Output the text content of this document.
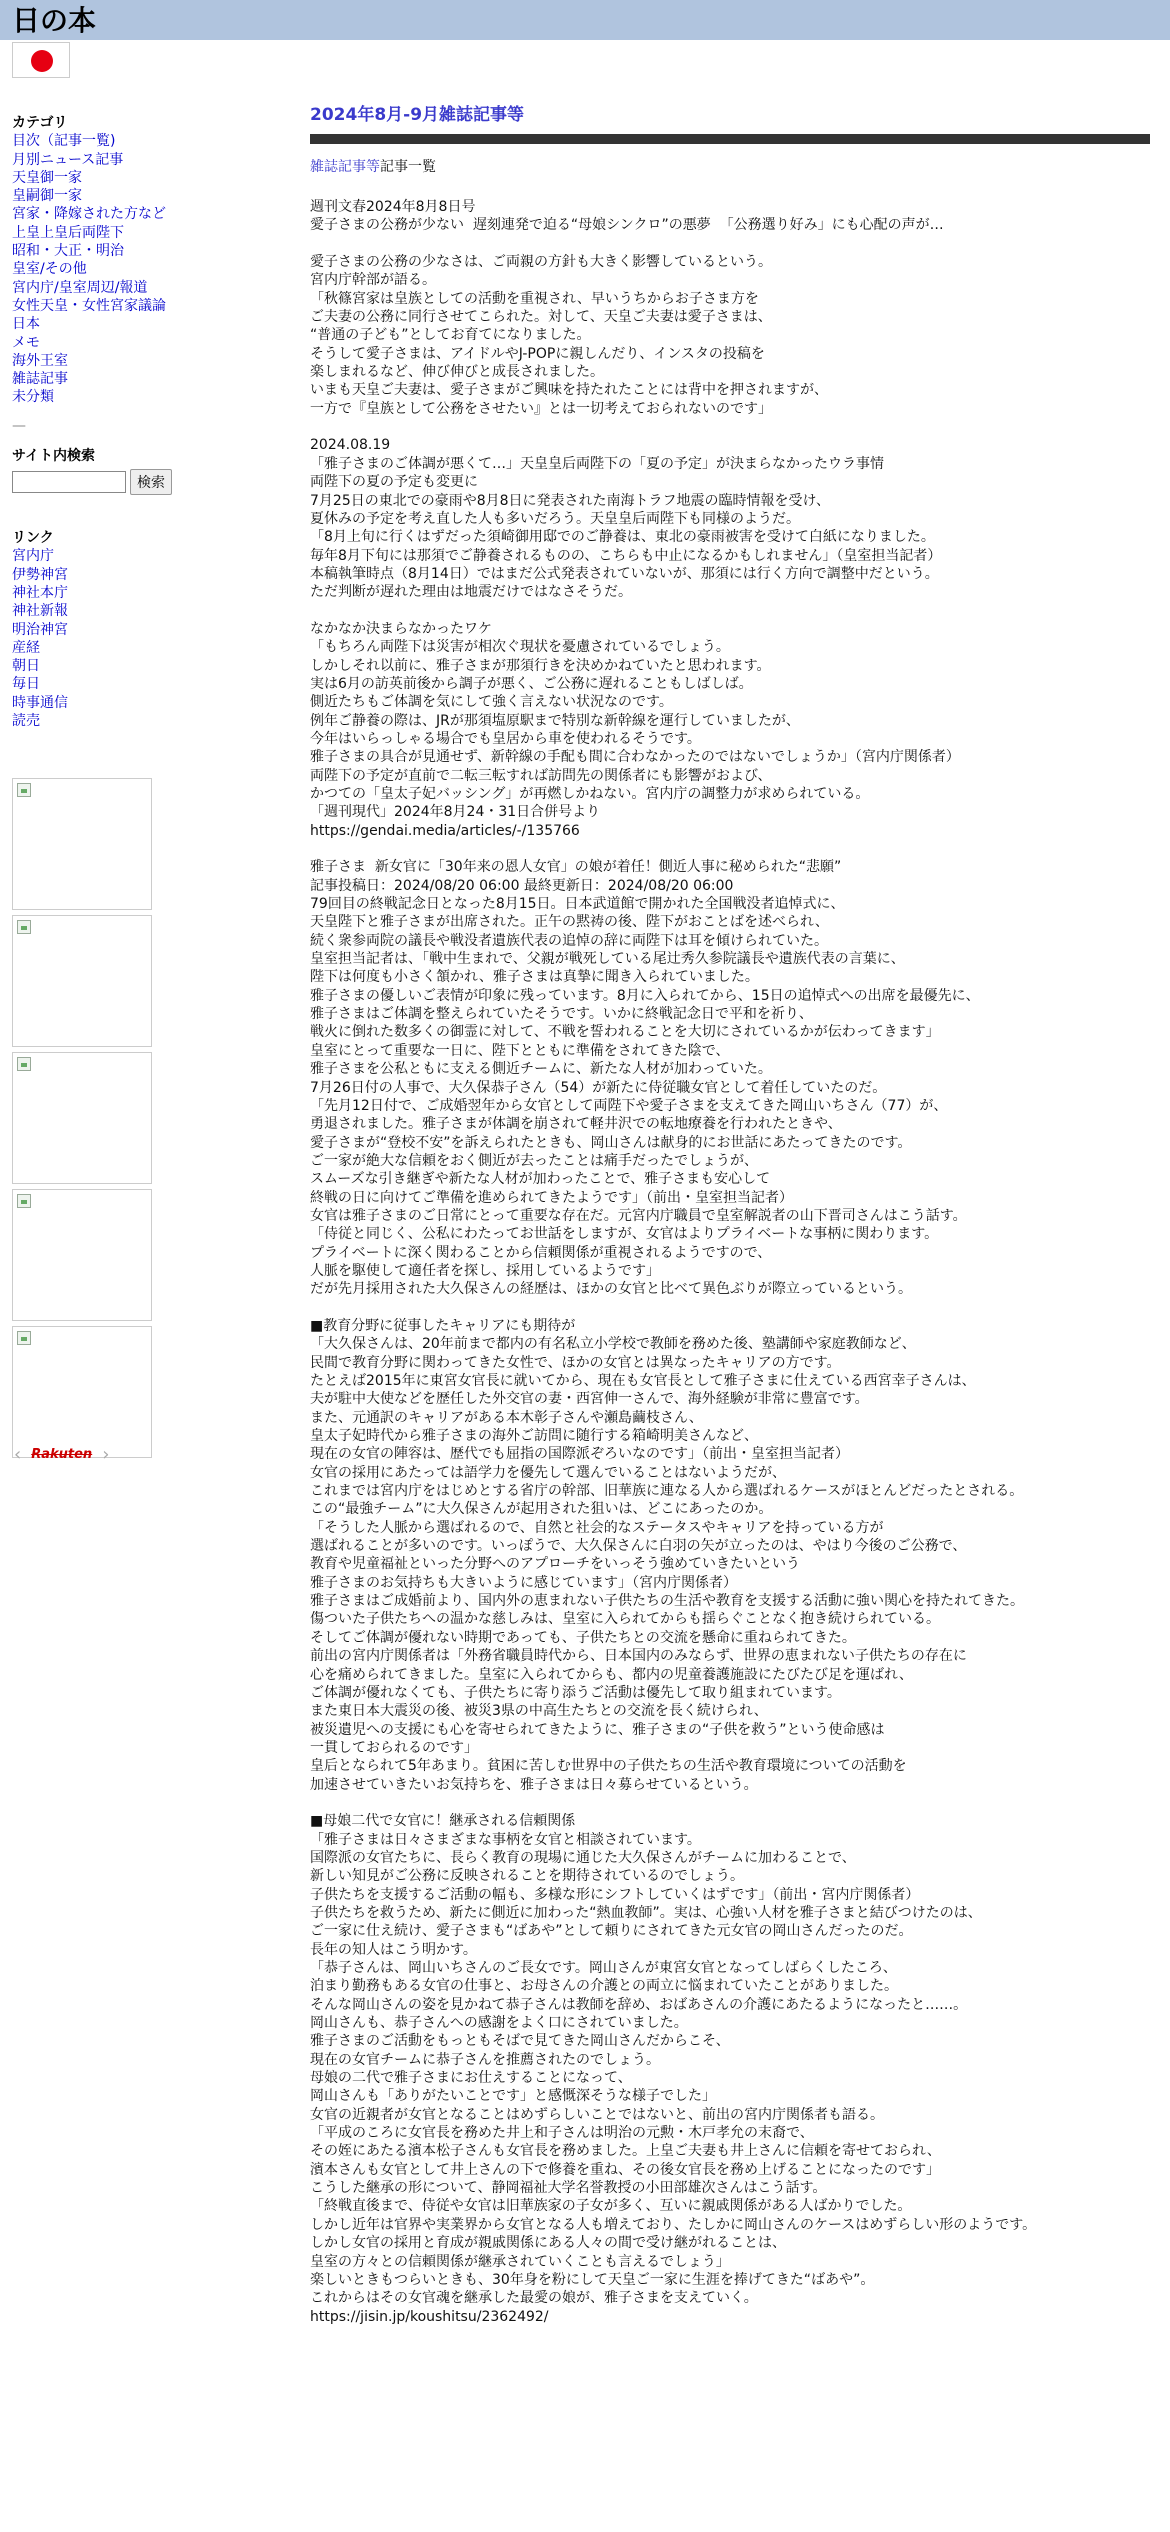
日の本
カテゴリ
目次（記事一覧)
月別ニュース記事
天皇御一家
皇嗣御一家
宮家・降嫁された方など
上皇上皇后両陛下
昭和・大正・明治
皇室/その他
宮内庁/皇室周辺/報道
女性天皇・女性宮家議論
日本
メモ
海外王室
雑誌記事
未分類
—
サイト内検索
検索
リンク
宮内庁
伊勢神宮
神社本庁
神社新報
明治神宮
産経
朝日
毎日
時事通信
読売
‹ Rakuten ›
2024年8月-9月雑誌記事等
雑誌記事等記事一覧

週刊文春2024年8月8日号

愛子さまの公務が少ない  遅刻連発で迫る“母娘シンクロ”の悪夢  「公務選り好み」にも心配の声が…

愛子さまの公務の少なさは、ご両親の方針も大きく影響しているという。

宮内庁幹部が語る。

「秋篠宮家は皇族としての活動を重視され、早いうちからお子さま方を

ご夫妻の公務に同行させてこられた。対して、天皇ご夫妻は愛子さまは、

“普通の子ども”としてお育てになりました。

そうして愛子さまは、アイドルやJ-POPに親しんだり、インスタの投稿を

楽しまれるなど、伸び伸びと成長されました。

いまも天皇ご夫妻は、愛子さまがご興味を持たれたことには背中を押されますが、

一方で『皇族として公務をさせたい』とは一切考えておられないのです」

2024.08.19

「雅子さまのご体調が悪くて…」天皇皇后両陛下の「夏の予定」が決まらなかったウラ事情

両陛下の夏の予定も変更に

7月25日の東北での豪雨や8月8日に発表された南海トラフ地震の臨時情報を受け、

夏休みの予定を考え直した人も多いだろう。天皇皇后両陛下も同様のようだ。

「8月上旬に行くはずだった須崎御用邸でのご静養は、東北の豪雨被害を受けて白紙になりました。

毎年8月下旬には那須でご静養されるものの、こちらも中止になるかもしれません」（皇室担当記者）

本稿執筆時点（8月14日）ではまだ公式発表されていないが、那須には行く方向で調整中だという。

ただ判断が遅れた理由は地震だけではなさそうだ。

なかなか決まらなかったワケ

「もちろん両陛下は災害が相次ぐ現状を憂慮されているでしょう。

しかしそれ以前に、雅子さまが那須行きを決めかねていたと思われます。

実は6月の訪英前後から調子が悪く、ご公務に遅れることもしばしば。

側近たちもご体調を気にして強く言えない状況なのです。

例年ご静養の際は、JRが那須塩原駅まで特別な新幹線を運行していましたが、

今年はいらっしゃる場合でも皇居から車を使われるそうです。

雅子さまの具合が見通せず、新幹線の手配も間に合わなかったのではないでしょうか」（宮内庁関係者）

両陛下の予定が直前で二転三転すれば訪問先の関係者にも影響がおよび、

かつての「皇太子妃バッシング」が再燃しかねない。宮内庁の調整力が求められている。

「週刊現代」2024年8月24・31日合併号より

https://gendai.media/articles/-/135766

雅子さま  新女官に「30年来の恩人女官」の娘が着任！側近人事に秘められた“悲願”

記事投稿日：2024/08/20 06:00 最終更新日：2024/08/20 06:00

79回目の終戦記念日となった8月15日。日本武道館で開かれた全国戦没者追悼式に、

天皇陛下と雅子さまが出席された。正午の黙祷の後、陛下がおことばを述べられ、

続く衆参両院の議長や戦没者遺族代表の追悼の辞に両陛下は耳を傾けられていた。

皇室担当記者は、「戦中生まれで、父親が戦死している尾辻秀久参院議長や遺族代表の言葉に、

陛下は何度も小さく頷かれ、雅子さまは真摯に聞き入られていました。

雅子さまの優しいご表情が印象に残っています。8月に入られてから、15日の追悼式への出席を最優先に、

雅子さまはご体調を整えられていたそうです。いかに終戦記念日で平和を祈り、

戦火に倒れた数多くの御霊に対して、不戦を誓われることを大切にされているかが伝わってきます」

皇室にとって重要な一日に、陛下とともに準備をされてきた陰で、

雅子さまを公私ともに支える側近チームに、新たな人材が加わっていた。

7月26日付の人事で、大久保恭子さん（54）が新たに侍従職女官として着任していたのだ。

「先月12日付で、ご成婚翌年から女官として両陛下や愛子さまを支えてきた岡山いちさん（77）が、

勇退されました。雅子さまが体調を崩されて軽井沢での転地療養を行われたときや、

愛子さまが“登校不安”を訴えられたときも、岡山さんは献身的にお世話にあたってきたのです。

ご一家が絶大な信頼をおく側近が去ったことは痛手だったでしょうが、

スムーズな引き継ぎや新たな人材が加わったことで、雅子さまも安心して

終戦の日に向けてご準備を進められてきたようです」（前出・皇室担当記者）

女官は雅子さまのご日常にとって重要な存在だ。元宮内庁職員で皇室解説者の山下晋司さんはこう話す。

「侍従と同じく、公私にわたってお世話をしますが、女官はよりプライベートな事柄に関わります。

プライベートに深く関わることから信頼関係が重視されるようですので、

人脈を駆使して適任者を探し、採用しているようです」

だが先月採用された大久保さんの経歴は、ほかの女官と比べて異色ぶりが際立っているという。

■教育分野に従事したキャリアにも期待が

「大久保さんは、20年前まで都内の有名私立小学校で教師を務めた後、塾講師や家庭教師など、

民間で教育分野に関わってきた女性で、ほかの女官とは異なったキャリアの方です。

たとえば2015年に東宮女官長に就いてから、現在も女官長として雅子さまに仕えている西宮幸子さんは、

夫が駐中大使などを歴任した外交官の妻・西宮伸一さんで、海外経験が非常に豊富です。

また、元通訳のキャリアがある本木彰子さんや瀬島繭枝さん、

皇太子妃時代から雅子さまの海外ご訪問に随行する箱崎明美さんなど、

現在の女官の陣容は、歴代でも屈指の国際派ぞろいなのです」（前出・皇室担当記者）

女官の採用にあたっては語学力を優先して選んでいることはないようだが、

これまでは宮内庁をはじめとする省庁の幹部、旧華族に連なる人から選ばれるケースがほとんどだったとされる。

この“最強チーム”に大久保さんが起用された狙いは、どこにあったのか。

「そうした人脈から選ばれるので、自然と社会的なステータスやキャリアを持っている方が

選ばれることが多いのです。いっぽうで、大久保さんに白羽の矢が立ったのは、やはり今後のご公務で、

教育や児童福祉といった分野へのアプローチをいっそう強めていきたいという

雅子さまのお気持ちも大きいように感じています」（宮内庁関係者）

雅子さまはご成婚前より、国内外の恵まれない子供たちの生活や教育を支援する活動に強い関心を持たれてきた。

傷ついた子供たちへの温かな慈しみは、皇室に入られてからも揺らぐことなく抱き続けられている。

そしてご体調が優れない時期であっても、子供たちとの交流を懸命に重ねられてきた。

前出の宮内庁関係者は「外務省職員時代から、日本国内のみならず、世界の恵まれない子供たちの存在に

心を痛められてきました。皇室に入られてからも、都内の児童養護施設にたびたび足を運ばれ、

ご体調が優れなくても、子供たちに寄り添うご活動は優先して取り組まれています。

また東日本大震災の後、被災3県の中高生たちとの交流を長く続けられ、

被災遺児への支援にも心を寄せられてきたように、雅子さまの“子供を救う”という使命感は

一貫しておられるのです」

皇后となられて5年あまり。貧困に苦しむ世界中の子供たちの生活や教育環境についての活動を

加速させていきたいお気持ちを、雅子さまは日々募らせているという。

■母娘二代で女官に！継承される信頼関係

「雅子さまは日々さまざまな事柄を女官と相談されています。

国際派の女官たちに、長らく教育の現場に通じた大久保さんがチームに加わることで、

新しい知見がご公務に反映されることを期待されているのでしょう。

子供たちを支援するご活動の幅も、多様な形にシフトしていくはずです」（前出・宮内庁関係者）

子供たちを救うため、新たに側近に加わった“熱血教師”。実は、心強い人材を雅子さまと結びつけたのは、

ご一家に仕え続け、愛子さまも“ばあや”として頼りにされてきた元女官の岡山さんだったのだ。

長年の知人はこう明かす。

「恭子さんは、岡山いちさんのご長女です。岡山さんが東宮女官となってしばらくしたころ、

泊まり勤務もある女官の仕事と、お母さんの介護との両立に悩まれていたことがありました。

そんな岡山さんの姿を見かねて恭子さんは教師を辞め、おばあさんの介護にあたるようになったと……。

岡山さんも、恭子さんへの感謝をよく口にされていました。

雅子さまのご活動をもっともそばで見てきた岡山さんだからこそ、

現在の女官チームに恭子さんを推薦されたのでしょう。

母娘の二代で雅子さまにお仕えすることになって、

岡山さんも「ありがたいことです」と感慨深そうな様子でした」

女官の近親者が女官となることはめずらしいことではないと、前出の宮内庁関係者も語る。

「平成のころに女官長を務めた井上和子さんは明治の元勲・木戸孝允の末裔で、

その姪にあたる濱本松子さんも女官長を務めました。上皇ご夫妻も井上さんに信頼を寄せておられ、

濱本さんも女官として井上さんの下で修養を重ね、その後女官長を務め上げることになったのです」

こうした継承の形について、静岡福祉大学名誉教授の小田部雄次さんはこう話す。

「終戦直後まで、侍従や女官は旧華族家の子女が多く、互いに親戚関係がある人ばかりでした。

しかし近年は官界や実業界から女官となる人も増えており、たしかに岡山さんのケースはめずらしい形のようです。

しかし女官の採用と育成が親戚関係にある人々の間で受け継がれることは、

皇室の方々との信頼関係が継承されていくことも言えるでしょう」

楽しいときもつらいときも、30年身を粉にして天皇ご一家に生涯を捧げてきた“ばあや”。

これからはその女官魂を継承した最愛の娘が、雅子さまを支えていく。

https://jisin.jp/koushitsu/2362492/
